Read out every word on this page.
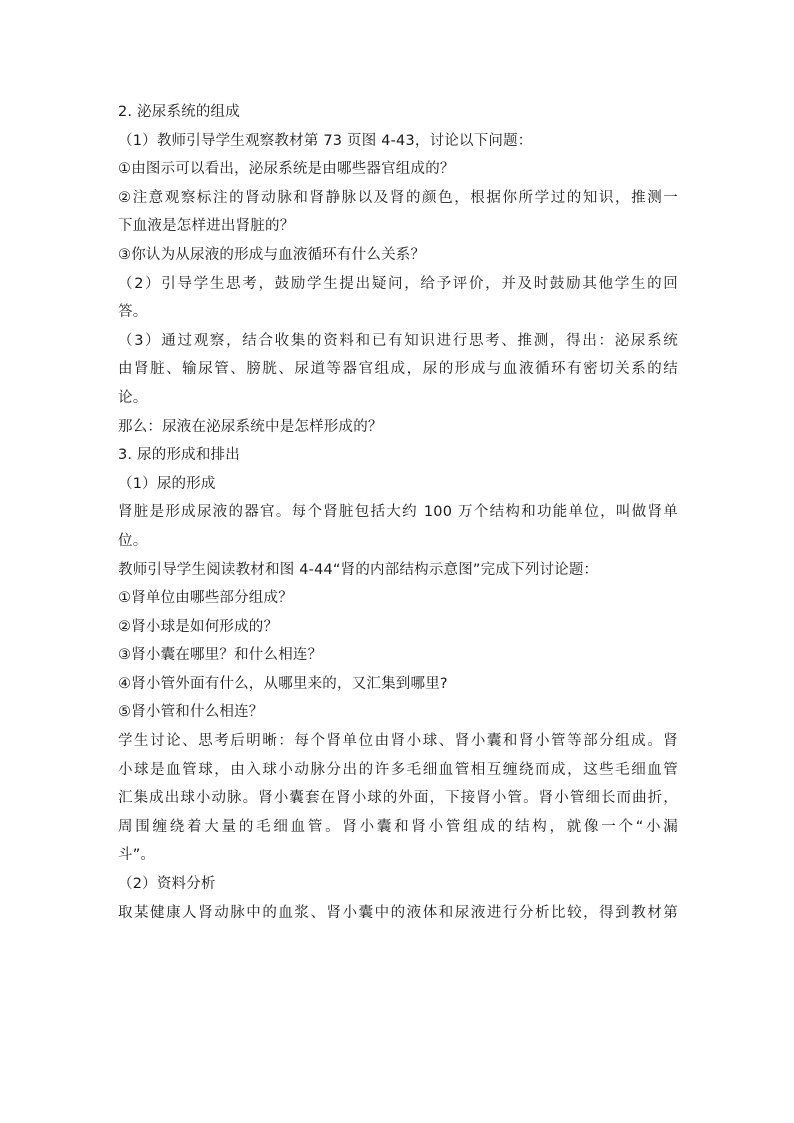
2. 泌尿系统的组成
（1）教师引导学生观察教材第 73 页图 4-43，讨论以下问题：
①由图示可以看出，泌尿系统是由哪些器官组成的？
②注意观察标注的肾动脉和肾静脉以及肾的颜色，根据你所学过的知识，推测一
下血液是怎样进出肾脏的？
③你认为从尿液的形成与血液循环有什么关系？
（2）引导学生思考，鼓励学生提出疑问，给予评价，并及时鼓励其他学生的回
答。
（3）通过观察，结合收集的资料和已有知识进行思考、推测，得出：泌尿系统
由肾脏、输尿管、膀胱、尿道等器官组成，尿的形成与血液循环有密切关系的结
论。
那么：尿液在泌尿系统中是怎样形成的？
3. 尿的形成和排出
（1）尿的形成
肾脏是形成尿液的器官。每个肾脏包括大约 100 万个结构和功能单位，叫做肾单
位。
教师引导学生阅读教材和图 4-44“肾的内部结构示意图”完成下列讨论题：
①肾单位由哪些部分组成？
②肾小球是如何形成的？
③肾小囊在哪里？和什么相连？
④肾小管外面有什么，从哪里来的，又汇集到哪里?
⑤肾小管和什么相连？
学生讨论、思考后明晰：每个肾单位由肾小球、肾小囊和肾小管等部分组成。肾
小球是血管球，由入球小动脉分出的许多毛细血管相互缠绕而成，这些毛细血管
汇集成出球小动脉。肾小囊套在肾小球的外面，下接肾小管。肾小管细长而曲折，
周围缠绕着大量的毛细血管。肾小囊和肾小管组成的结构，就像一个“小漏
斗”。
（2）资料分析
取某健康人肾动脉中的血浆、肾小囊中的液体和尿液进行分析比较，得到教材第
